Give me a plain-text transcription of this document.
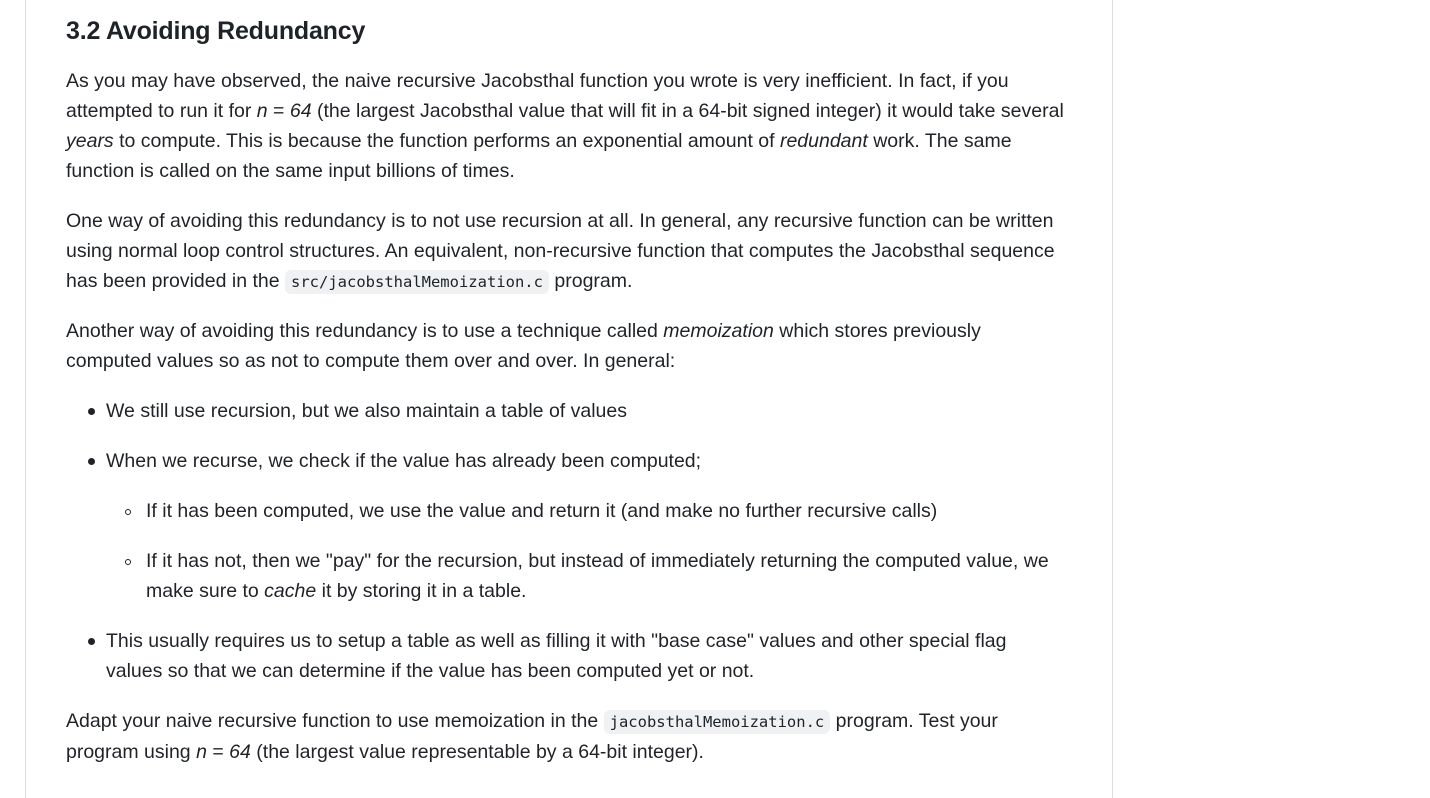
3.2 Avoiding Redundancy

As you may have observed, the naive recursive Jacobsthal function you wrote is very inefficient. In fact, if you attempted to run it for n = 64 (the largest Jacobsthal value that will fit in a 64-bit signed integer) it would take several years to compute. This is because the function performs an exponential amount of redundant work. The same function is called on the same input billions of times.

One way of avoiding this redundancy is to not use recursion at all. In general, any recursive function can be written using normal loop control structures. An equivalent, non-recursive function that computes the Jacobsthal sequence has been provided in the src/jacobsthalMemoization.c program.

Another way of avoiding this redundancy is to use a technique called memoization which stores previously computed values so as not to compute them over and over. In general:

We still use recursion, but we also maintain a table of values

When we recurse, we check if the value has already been computed;

If it has been computed, we use the value and return it (and make no further recursive calls)

If it has not, then we "pay" for the recursion, but instead of immediately returning the computed value, we make sure to cache it by storing it in a table.

This usually requires us to setup a table as well as filling it with "base case" values and other special flag values so that we can determine if the value has been computed yet or not.

Adapt your naive recursive function to use memoization in the jacobsthalMemoization.c program. Test your program using n = 64 (the largest value representable by a 64-bit integer).
